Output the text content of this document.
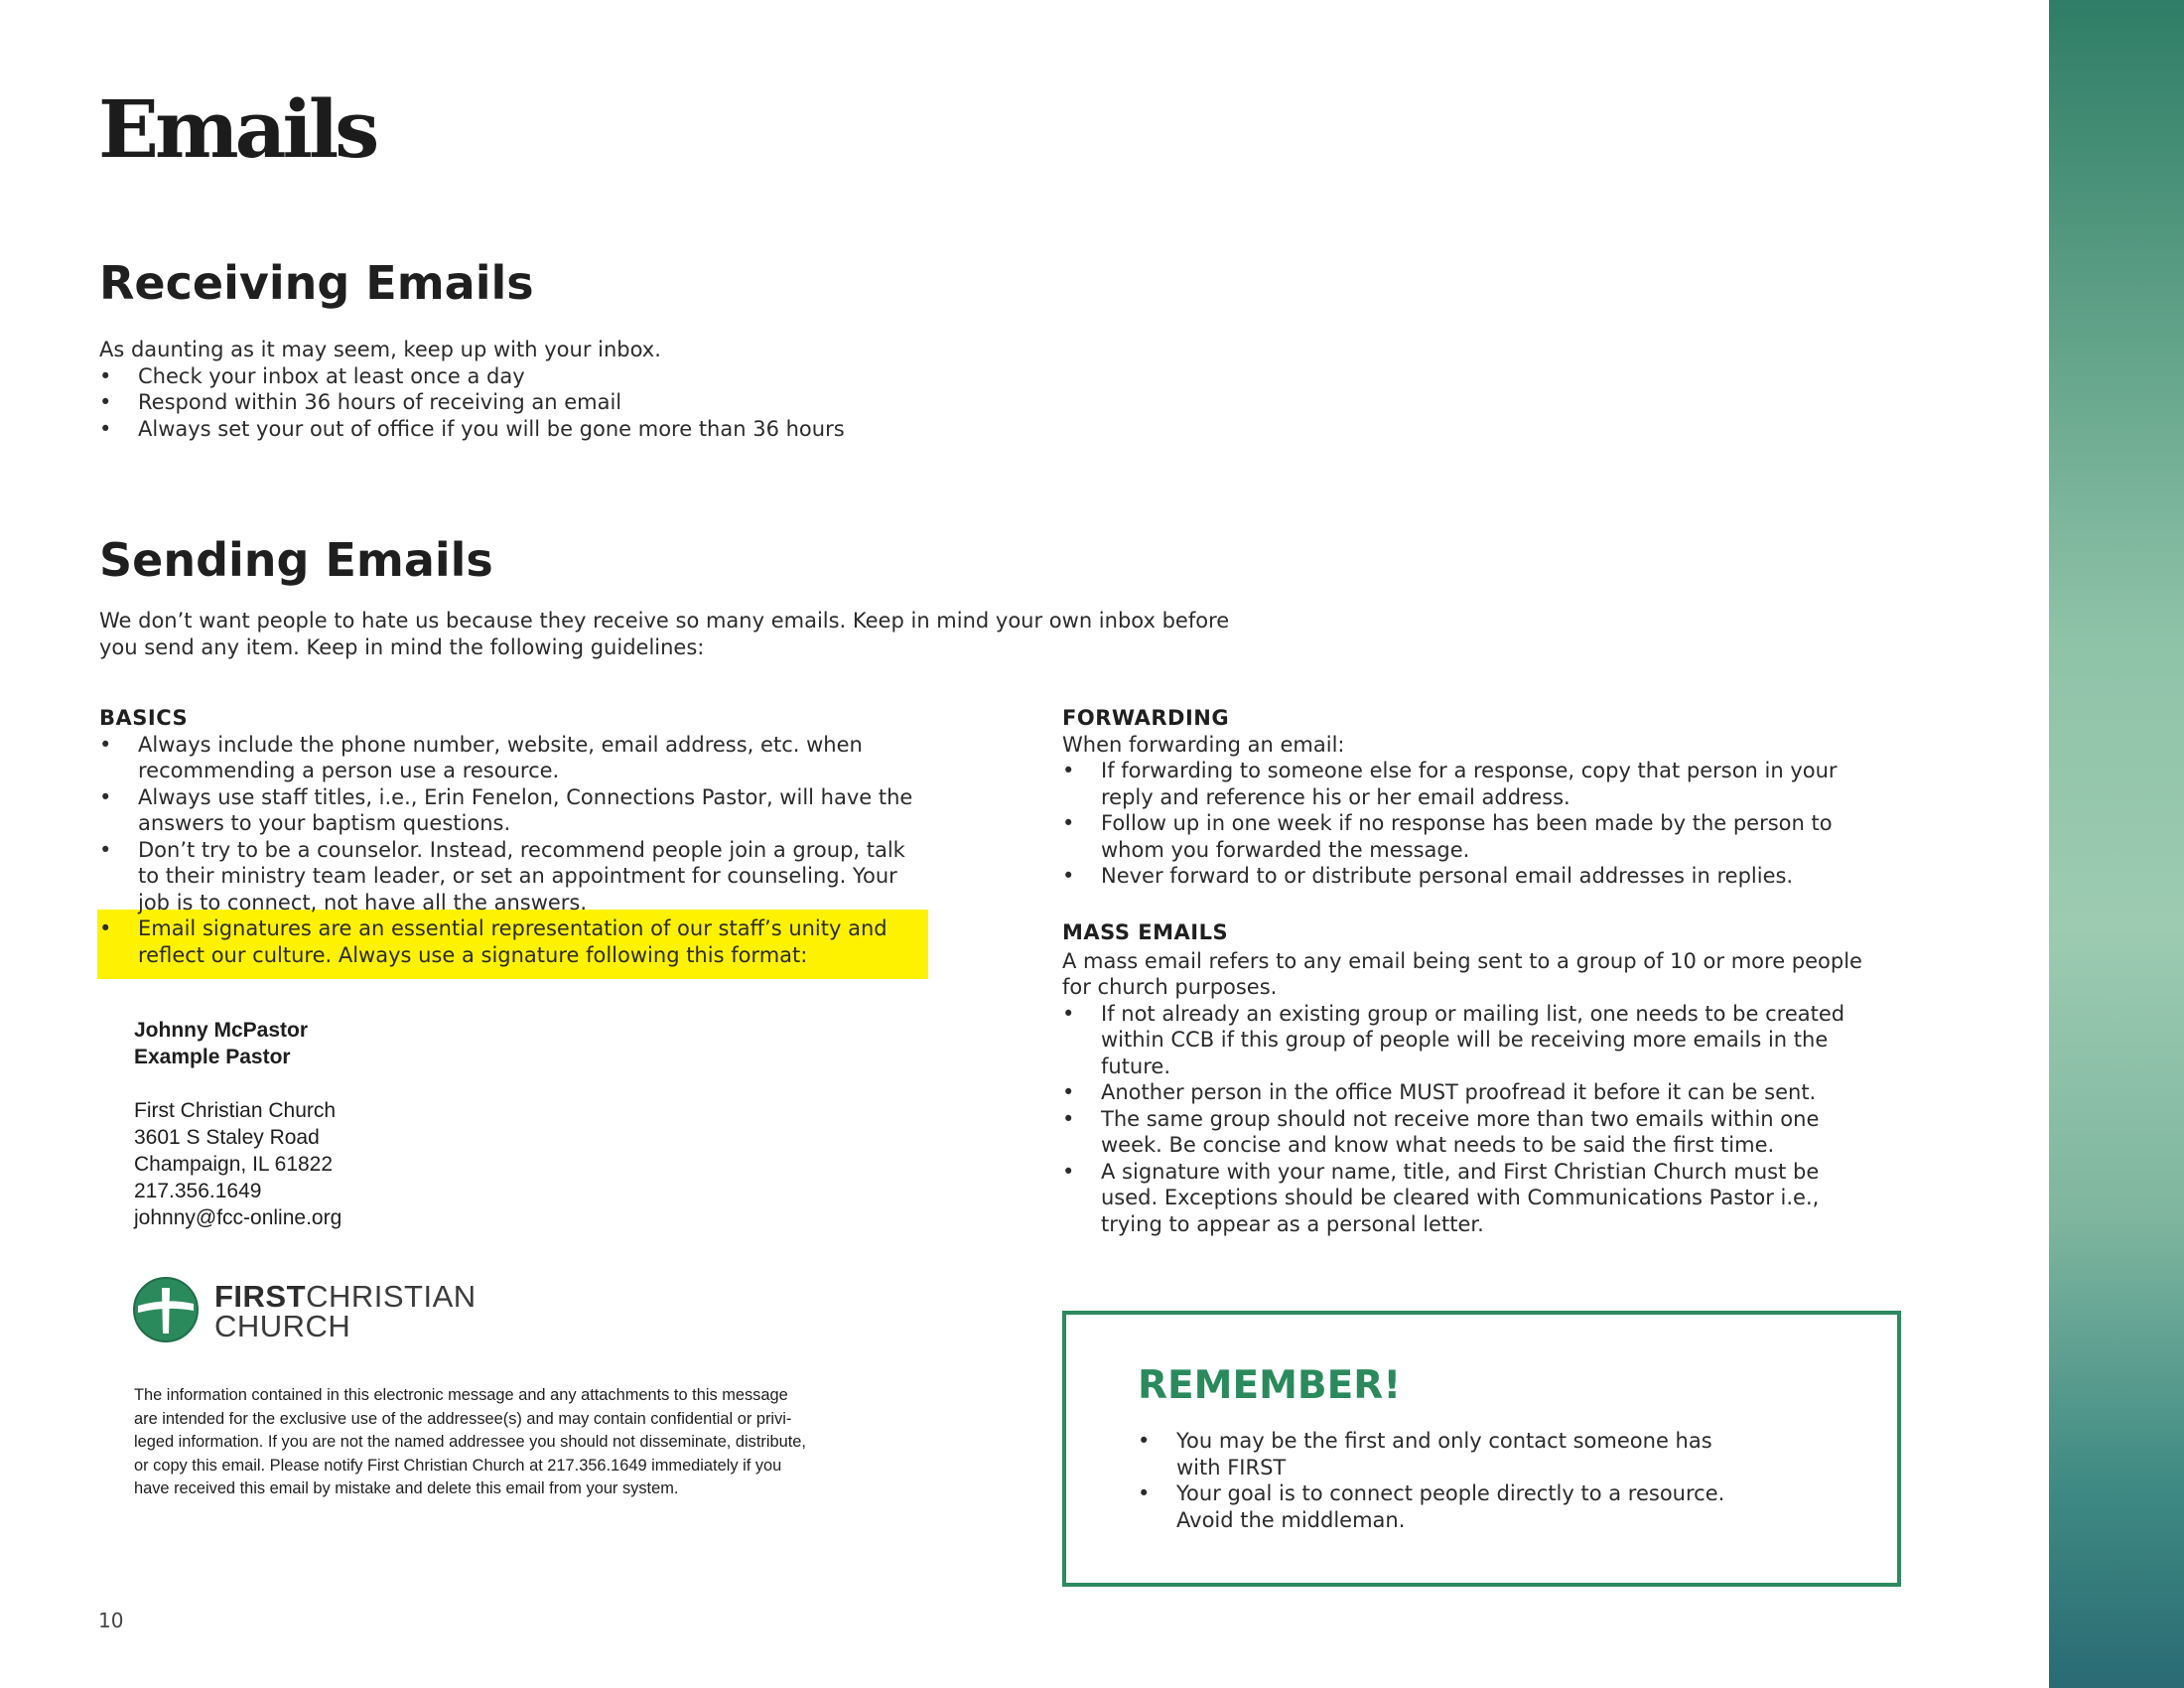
Emails
Receiving Emails
As daunting as it may seem, keep up with your inbox.
• Check your inbox at least once a day
• Respond within 36 hours of receiving an email
• Always set your out of office if you will be gone more than 36 hours
Sending Emails
We don’t want people to hate us because they receive so many emails. Keep in mind your own inbox before
you send any item. Keep in mind the following guidelines:
BASICS
• Always include the phone number, website, email address, etc. when
recommending a person use a resource.
• Always use staff titles, i.e., Erin Fenelon, Connections Pastor, will have the
answers to your baptism questions.
• Don’t try to be a counselor. Instead, recommend people join a group, talk
to their ministry team leader, or set an appointment for counseling. Your
job is to connect, not have all the answers.
• Email signatures are an essential representation of our staff’s unity and
reflect our culture. Always use a signature following this format:
Johnny McPastor
Example Pastor
First Christian Church
3601 S Staley Road
Champaign, IL 61822
217.356.1649
johnny@fcc-online.org
FIRSTCHRISTIAN
CHURCH
The information contained in this electronic message and any attachments to this message
are intended for the exclusive use of the addressee(s) and may contain confidential or privi-
leged information. If you are not the named addressee you should not disseminate, distribute,
or copy this email. Please notify First Christian Church at 217.356.1649 immediately if you
have received this email by mistake and delete this email from your system.
FORWARDING
When forwarding an email:
• If forwarding to someone else for a response, copy that person in your
reply and reference his or her email address.
• Follow up in one week if no response has been made by the person to
whom you forwarded the message.
• Never forward to or distribute personal email addresses in replies.
MASS EMAILS
A mass email refers to any email being sent to a group of 10 or more people
for church purposes.
• If not already an existing group or mailing list, one needs to be created
within CCB if this group of people will be receiving more emails in the
future.
• Another person in the office MUST proofread it before it can be sent.
• The same group should not receive more than two emails within one
week. Be concise and know what needs to be said the first time.
• A signature with your name, title, and First Christian Church must be
used. Exceptions should be cleared with Communications Pastor i.e.,
trying to appear as a personal letter.
REMEMBER!
• You may be the first and only contact someone has
with FIRST
• Your goal is to connect people directly to a resource.
Avoid the middleman.
10
